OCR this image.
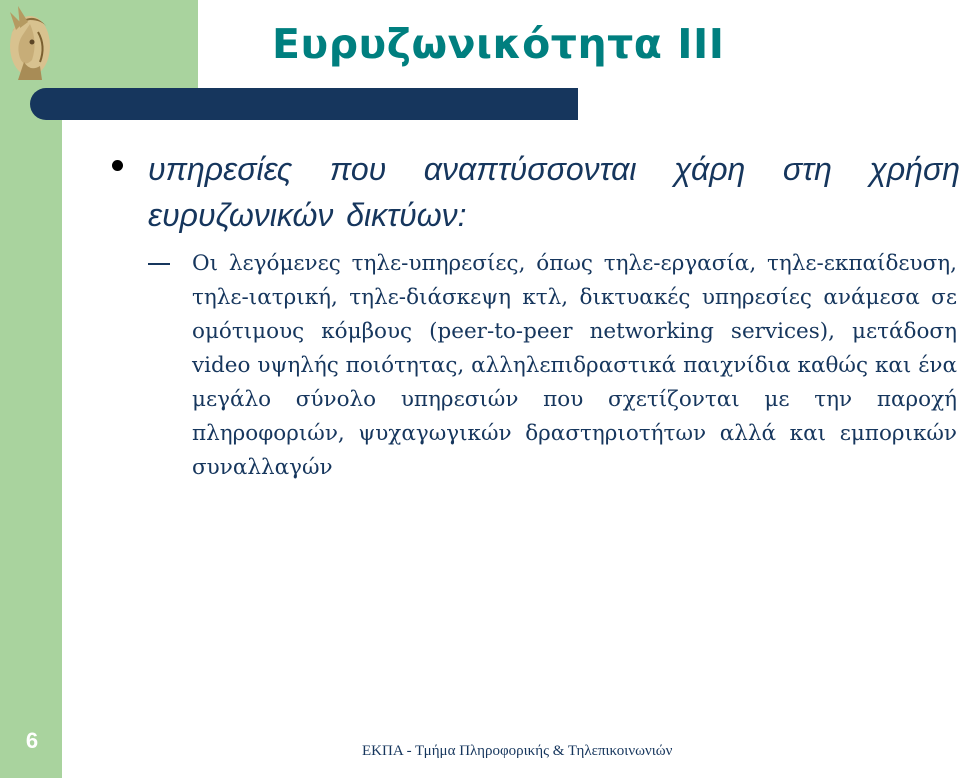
Ευρυζωνικότητα III

υπηρεσίες που αναπτύσσονται χάρη στη χρήση ευρυζωνικών δικτύων:

Οι λεγόμενες τηλε-υπηρεσίες, όπως τηλε-εργασία, τηλε-εκπαίδευση, τηλε-ιατρική, τηλε-διάσκεψη κτλ, δικτυακές υπηρεσίες ανάμεσα σε ομότιμους κόμβους (peer-to-peer networking services), μετάδοση video υψηλής ποιότητας, αλληλεπιδραστικά παιχνίδια καθώς και ένα μεγάλο σύνολο υπηρεσιών που σχετίζονται με την παροχή πληροφοριών, ψυχαγωγικών δραστηριοτήτων αλλά και εμπορικών συναλλαγών

6	ΕΚΠΑ - Τμήμα Πληροφορικής & Τηλεπικοινωνιών
